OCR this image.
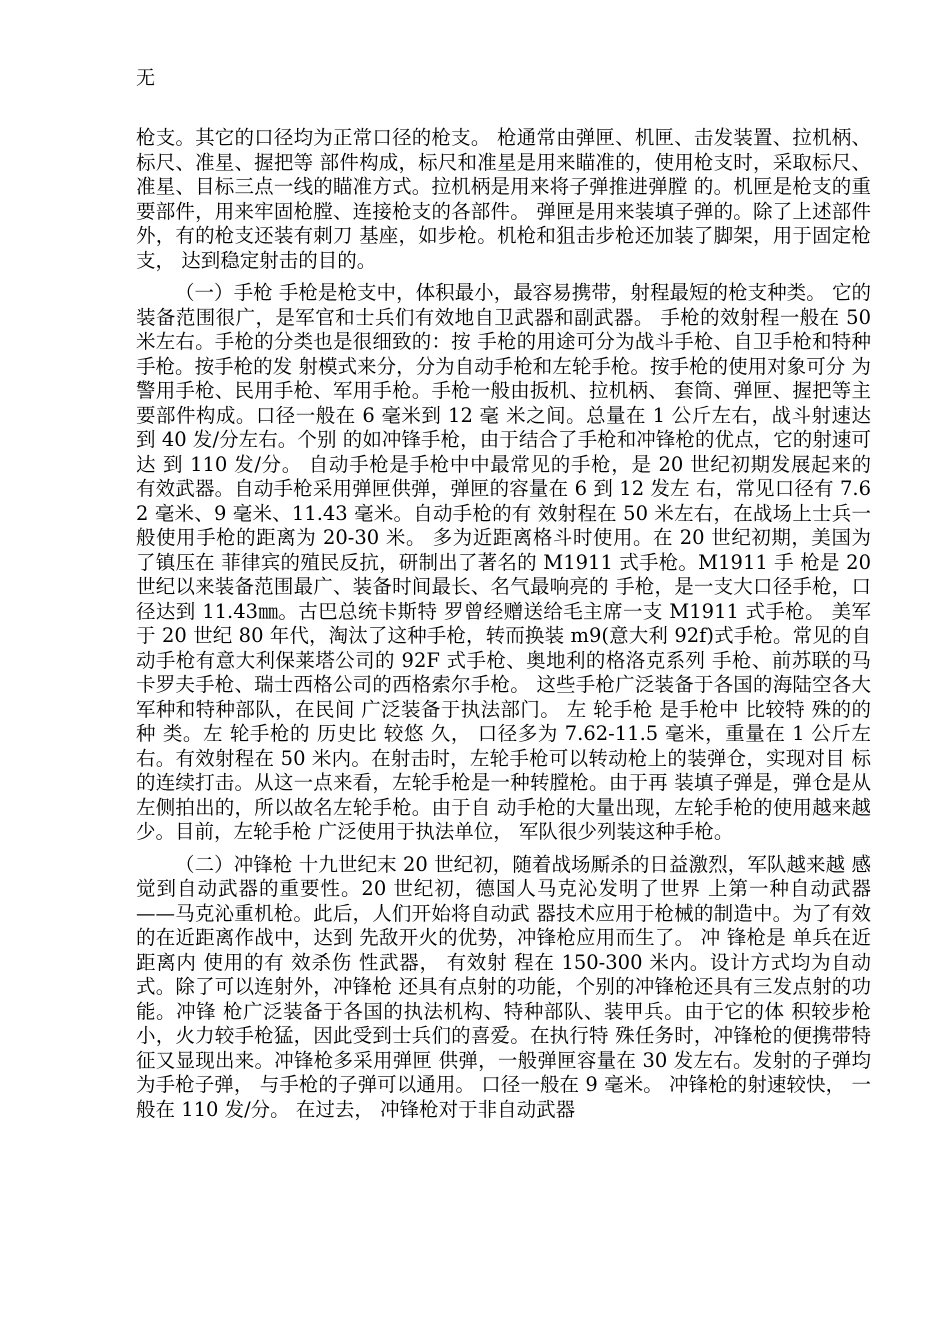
无

枪支。其它的口径均为正常口径的枪支。 枪通常由弹匣、机匣、击发装置、拉机柄、标尺、准星、握把等 部件构成，标尺和准星是用来瞄准的，使用枪支时，采取标尺、 准星、目标三点一线的瞄准方式。拉机柄是用来将子弹推进弹膛 的。机匣是枪支的重要部件，用来牢固枪膛、连接枪支的各部件。 弹匣是用来装填子弹的。除了上述部件外，有的枪支还装有刺刀 基座，如步枪。机枪和狙击步枪还加装了脚架，用于固定枪支， 达到稳定射击的目的。

（一）手枪 手枪是枪支中，体积最小，最容易携带，射程最短的枪支种类。 它的装备范围很广，是军官和士兵们有效地自卫武器和副武器。 手枪的效射程一般在 50 米左右。手枪的分类也是很细致的：按 手枪的用途可分为战斗手枪、自卫手枪和特种手枪。按手枪的发 射模式来分，分为自动手枪和左轮手枪。按手枪的使用对象可分 为警用手枪、民用手枪、军用手枪。手枪一般由扳机、拉机柄、 套筒、弹匣、握把等主要部件构成。口径一般在 6 毫米到 12 毫 米之间。总量在 1 公斤左右，战斗射速达到 40 发/分左右。个别 的如冲锋手枪，由于结合了手枪和冲锋枪的优点，它的射速可达 到 110 发/分。 自动手枪是手枪中中最常见的手枪，是 20 世纪初期发展起来的 有效武器。自动手枪采用弹匣供弹，弹匣的容量在 6 到 12 发左 右，常见口径有 7.62 毫米、9 毫米、11.43 毫米。自动手枪的有 效射程在 50 米左右，在战场上士兵一般使用手枪的距离为 20-30 米。 多为近距离格斗时使用。在 20 世纪初期，美国为了镇压在 菲律宾的殖民反抗，研制出了著名的 M1911 式手枪。M1911 手 枪是 20 世纪以来装备范围最广、装备时间最长、名气最响亮的 手枪，是一支大口径手枪，口径达到 11.43㎜。古巴总统卡斯特 罗曾经赠送给毛主席一支 M1911 式手枪。 美军于 20 世纪 80 年代，淘汰了这种手枪，转而换装 m9(意大利 92f)式手枪。常见的自 动手枪有意大利保莱塔公司的 92F 式手枪、奥地利的格洛克系列 手枪、前苏联的马卡罗夫手枪、瑞士西格公司的西格索尔手枪。 这些手枪广泛装备于各国的海陆空各大军种和特种部队，在民间 广泛装备于执法部门。 左 轮手枪 是手枪中 比较特 殊的的种 类。左 轮手枪的 历史比 较悠 久， 口径多为 7.62-11.5 毫米，重量在 1 公斤左右。有效射程在 50 米内。在射击时，左轮手枪可以转动枪上的装弹仓，实现对目 标的连续打击。从这一点来看，左轮手枪是一种转膛枪。由于再 装填子弹是，弹仓是从左侧拍出的，所以故名左轮手枪。由于自 动手枪的大量出现，左轮手枪的使用越来越少。目前，左轮手枪 广泛使用于执法单位， 军队很少列装这种手枪。

（二）冲锋枪 十九世纪末 20 世纪初，随着战场厮杀的日益激烈，军队越来越 感觉到自动武器的重要性。20 世纪初，德国人马克沁发明了世界 上第一种自动武器——马克沁重机枪。此后，人们开始将自动武 器技术应用于枪械的制造中。为了有效的在近距离作战中，达到 先敌开火的优势，冲锋枪应用而生了。 冲 锋枪是 单兵在近 距离内 使用的有 效杀伤 性武器， 有效射 程在 150-300 米内。设计方式均为自动式。除了可以连射外，冲锋枪 还具有点射的功能，个别的冲锋枪还具有三发点射的功能。冲锋 枪广泛装备于各国的执法机构、特种部队、装甲兵。由于它的体 积较步枪小，火力较手枪猛，因此受到士兵们的喜爱。在执行特 殊任务时，冲锋枪的便携带特征又显现出来。冲锋枪多采用弹匣 供弹，一般弹匣容量在 30 发左右。发射的子弹均为手枪子弹， 与手枪的子弹可以通用。 口径一般在 9 毫米。 冲锋枪的射速较快， 一般在 110 发/分。 在过去， 冲锋枪对于非自动武器
